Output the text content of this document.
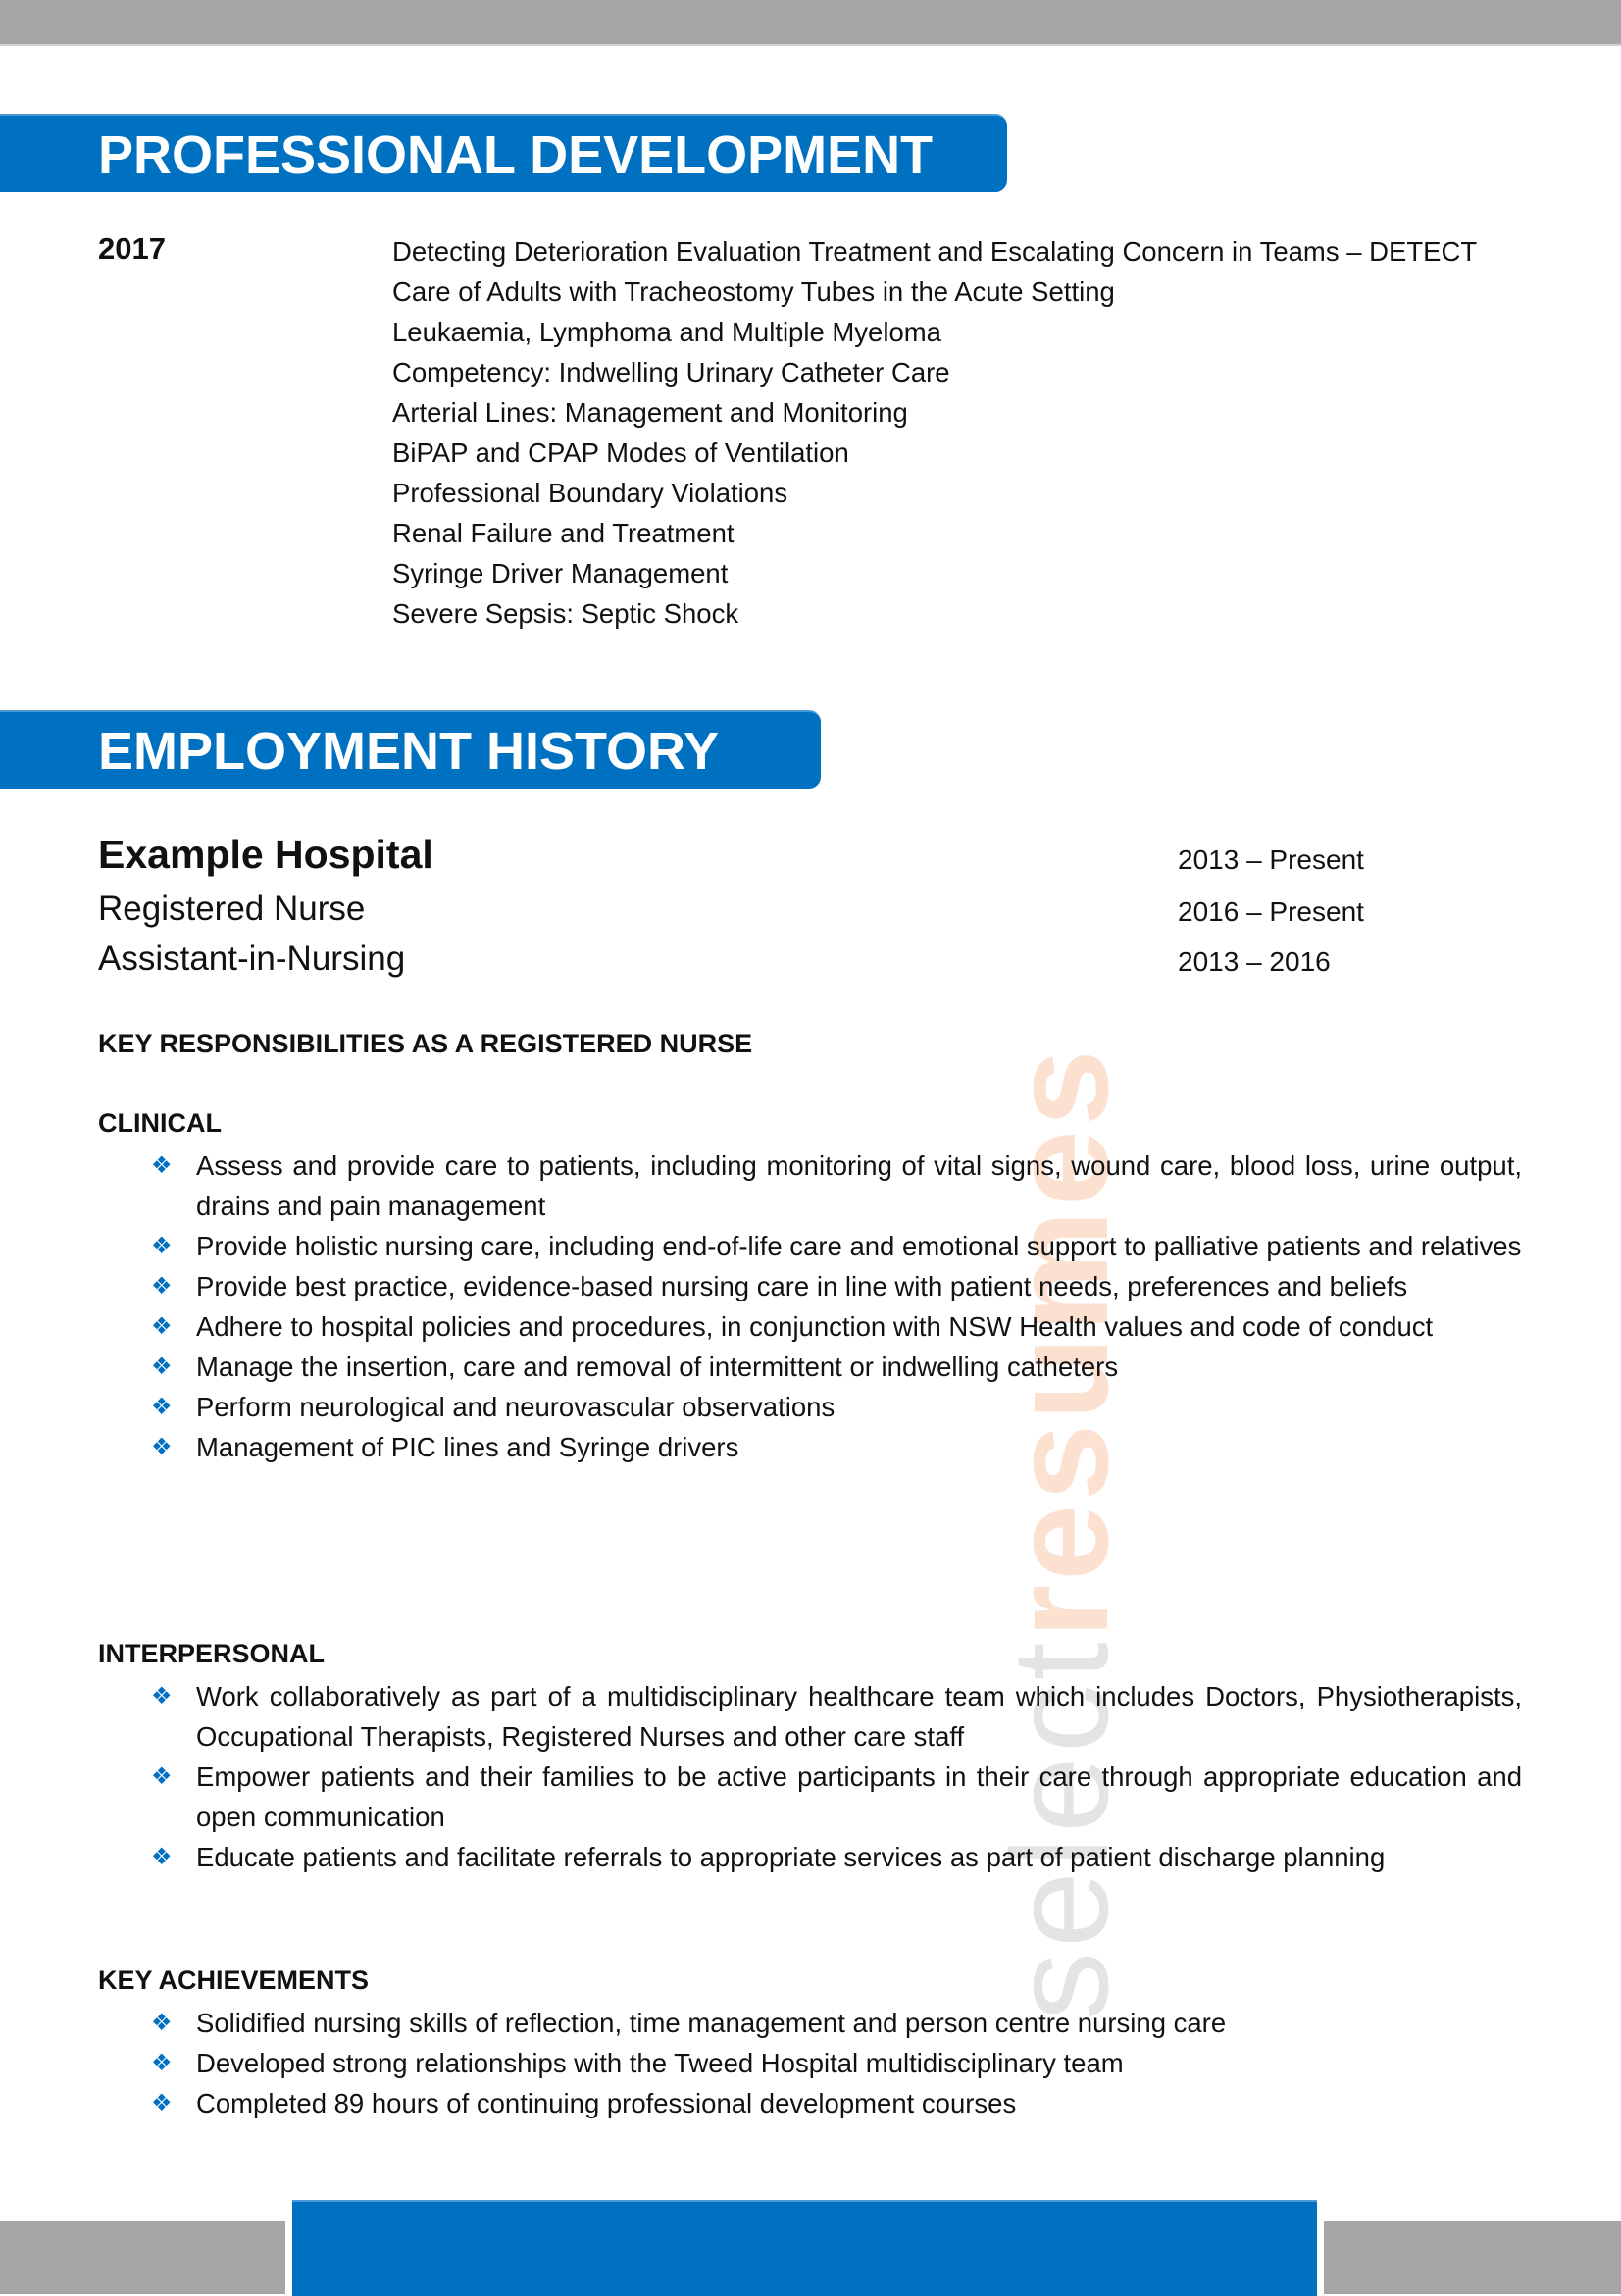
selectresumes
PROFESSIONAL DEVELOPMENT
2017	Detecting Deterioration Evaluation Treatment and Escalating Concern in Teams – DETECT
Care of Adults with Tracheostomy Tubes in the Acute Setting
Leukaemia, Lymphoma and Multiple Myeloma
Competency: Indwelling Urinary Catheter Care
Arterial Lines: Management and Monitoring
BiPAP and CPAP Modes of Ventilation
Professional Boundary Violations
Renal Failure and Treatment
Syringe Driver Management
Severe Sepsis: Septic Shock
EMPLOYMENT HISTORY
Example Hospital	2013 – Present
Registered Nurse	2016 – Present
Assistant-in-Nursing	2013 – 2016
KEY RESPONSIBILITIES AS A REGISTERED NURSE
CLINICAL
❖ Assess and provide care to patients, including monitoring of vital signs, wound care, blood loss, urine output, drains and pain management
❖ Provide holistic nursing care, including end-of-life care and emotional support to palliative patients and relatives
❖ Provide best practice, evidence-based nursing care in line with patient needs, preferences and beliefs
❖ Adhere to hospital policies and procedures, in conjunction with NSW Health values and code of conduct
❖ Manage the insertion, care and removal of intermittent or indwelling catheters
❖ Perform neurological and neurovascular observations
❖ Management of PIC lines and Syringe drivers
INTERPERSONAL
❖ Work collaboratively as part of a multidisciplinary healthcare team which includes Doctors, Physiotherapists, Occupational Therapists, Registered Nurses and other care staff
❖ Empower patients and their families to be active participants in their care through appropriate education and open communication
❖ Educate patients and facilitate referrals to appropriate services as part of patient discharge planning
KEY ACHIEVEMENTS
❖ Solidified nursing skills of reflection, time management and person centre nursing care
❖ Developed strong relationships with the Tweed Hospital multidisciplinary team
❖ Completed 89 hours of continuing professional development courses
